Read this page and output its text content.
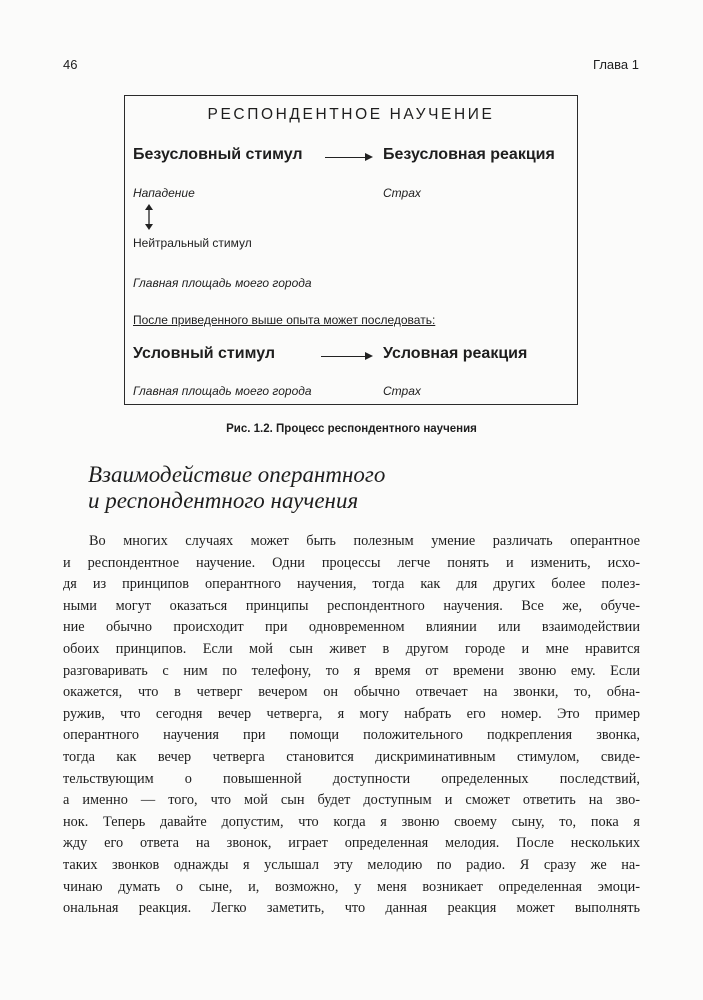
46	Глава 1
РЕСПОНДЕНТНОЕ НАУЧЕНИЕ
Безусловный стимул	Безусловная реакция
Нападение	Страх
Нейтральный стимул
Главная площадь моего города
После приведенного выше опыта может последовать:
Условный стимул	Условная реакция
Главная площадь моего города	Страх
Рис. 1.2. Процесс респондентного научения
Взаимодействие оперантного
и респондентного научения
Во многих случаях может быть полезным умение различать оперантное
и респондентное научение. Одни процессы легче понять и изменить, исхо-
дя из принципов оперантного научения, тогда как для других более полез-
ными могут оказаться принципы респондентного научения. Все же, обуче-
ние обычно происходит при одновременном влиянии или взаимодействии
обоих принципов. Если мой сын живет в другом городе и мне нравится
разговаривать с ним по телефону, то я время от времени звоню ему. Если
окажется, что в четверг вечером он обычно отвечает на звонки, то, обна-
ружив, что сегодня вечер четверга, я могу набрать его номер. Это пример
оперантного научения при помощи положительного подкрепления звонка,
тогда как вечер четверга становится дискриминативным стимулом, свиде-
тельствующим о повышенной доступности определенных последствий,
а именно — того, что мой сын будет доступным и сможет ответить на зво-
нок. Теперь давайте допустим, что когда я звоню своему сыну, то, пока я
жду его ответа на звонок, играет определенная мелодия. После нескольких
таких звонков однажды я услышал эту мелодию по радио. Я сразу же на-
чинаю думать о сыне, и, возможно, у меня возникает определенная эмоци-
ональная реакция. Легко заметить, что данная реакция может выполнять
